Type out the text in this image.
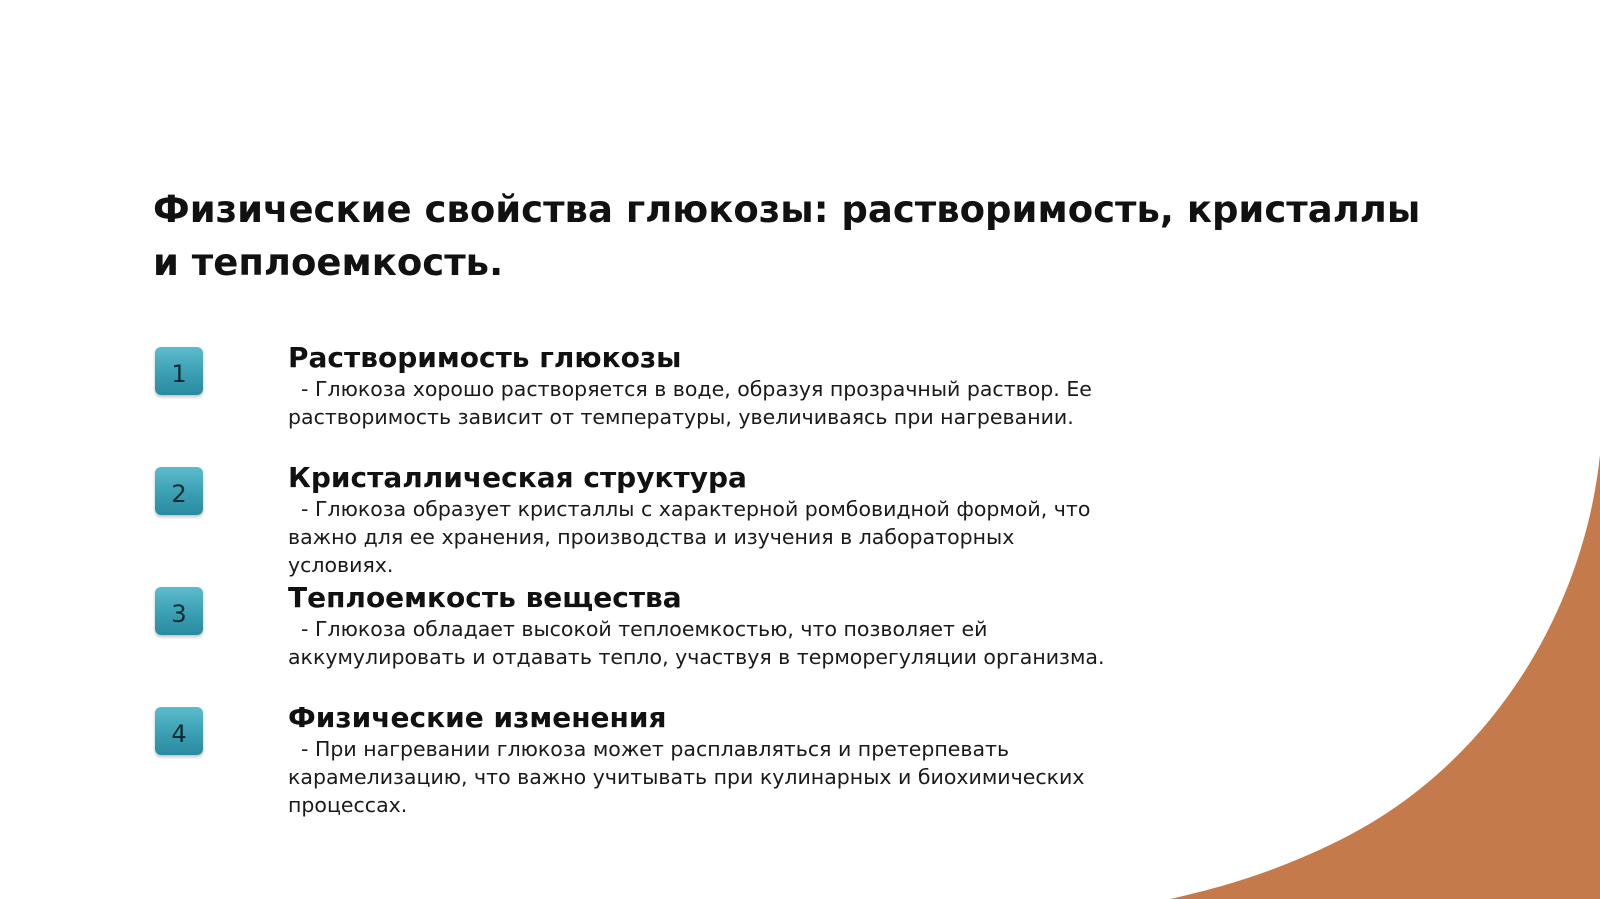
Физические свойства глюкозы: растворимость, кристаллы и теплоемкость.
1	Растворимость глюкозы

- Глюкоза хорошо растворяется в воде, образуя прозрачный раствор. Ее растворимость зависит от температуры, увеличиваясь при нагревании.

2	Кристаллическая структура

- Глюкоза образует кристаллы с характерной ромбовидной формой, что важно для ее хранения, производства и изучения в лабораторных условиях.

3	Теплоемкость вещества

- Глюкоза обладает высокой теплоемкостью, что позволяет ей аккумулировать и отдавать тепло, участвуя в терморегуляции организма.

4	Физические изменения

- При нагревании глюкоза может расплавляться и претерпевать карамелизацию, что важно учитывать при кулинарных и биохимических процессах.
